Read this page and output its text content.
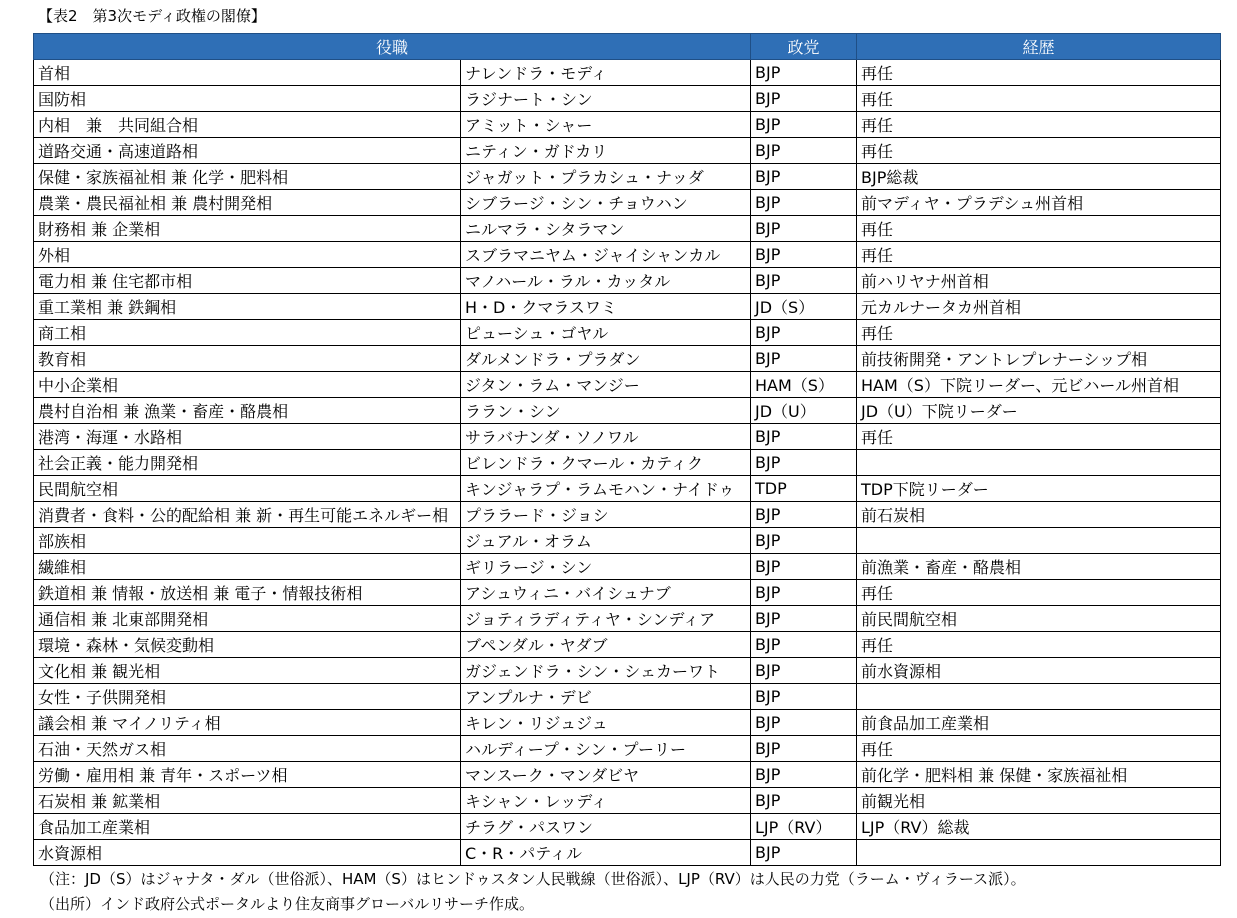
【表2　第3次モディ政権の閣僚】
役職		政党	経歴
首相	ナレンドラ・モディ	BJP	再任
国防相	ラジナート・シン	BJP	再任
内相　兼　共同組合相	アミット・シャー	BJP	再任
道路交通・高速道路相	ニティン・ガドカリ	BJP	再任
保健・家族福祉相 兼 化学・肥料相	ジャガット・プラカシュ・ナッダ	BJP	BJP総裁
農業・農民福祉相 兼 農村開発相	シブラージ・シン・チョウハン	BJP	前マディヤ・プラデシュ州首相
財務相 兼 企業相	ニルマラ・シタラマン	BJP	再任
外相	スブラマニヤム・ジャイシャンカル	BJP	再任
電力相 兼 住宅都市相	マノハール・ラル・カッタル	BJP	前ハリヤナ州首相
重工業相 兼 鉄鋼相	H・D・クマラスワミ	JD（S）	元カルナータカ州首相
商工相	ピューシュ・ゴヤル	BJP	再任
教育相	ダルメンドラ・プラダン	BJP	前技術開発・アントレプレナーシップ相
中小企業相	ジタン・ラム・マンジー	HAM（S）	HAM（S）下院リーダー、元ビハール州首相
農村自治相 兼 漁業・畜産・酪農相	ララン・シン	JD（U）	JD（U）下院リーダー
港湾・海運・水路相	サラバナンダ・ソノワル	BJP	再任
社会正義・能力開発相	ビレンドラ・クマール・カティク	BJP	
民間航空相	キンジャラプ・ラムモハン・ナイドゥ	TDP	TDP下院リーダー
消費者・食料・公的配給相 兼 新・再生可能エネルギー相	プララード・ジョシ	BJP	前石炭相
部族相	ジュアル・オラム	BJP	
繊維相	ギリラージ・シン	BJP	前漁業・畜産・酪農相
鉄道相 兼 情報・放送相 兼 電子・情報技術相	アシュウィニ・バイシュナブ	BJP	再任
通信相 兼 北東部開発相	ジョティラディティヤ・シンディア	BJP	前民間航空相
環境・森林・気候変動相	ブペンダル・ヤダブ	BJP	再任
文化相 兼 観光相	ガジェンドラ・シン・シェカーワト	BJP	前水資源相
女性・子供開発相	アンプルナ・デビ	BJP	
議会相 兼 マイノリティ相	キレン・リジュジュ	BJP	前食品加工産業相
石油・天然ガス相	ハルディープ・シン・プーリー	BJP	再任
労働・雇用相 兼 青年・スポーツ相	マンスーク・マンダビヤ	BJP	前化学・肥料相 兼 保健・家族福祉相
石炭相 兼 鉱業相	キシャン・レッディ	BJP	前観光相
食品加工産業相	チラグ・パスワン	LJP（RV）	LJP（RV）総裁
水資源相	C・R・パティル	BJP	
（注：JD（S）はジャナタ・ダル（世俗派）、HAM（S）はヒンドゥスタン人民戦線（世俗派）、LJP（RV）は人民の力党（ラーム・ヴィラース派）。
（出所）インド政府公式ポータルより住友商事グローバルリサーチ作成。
